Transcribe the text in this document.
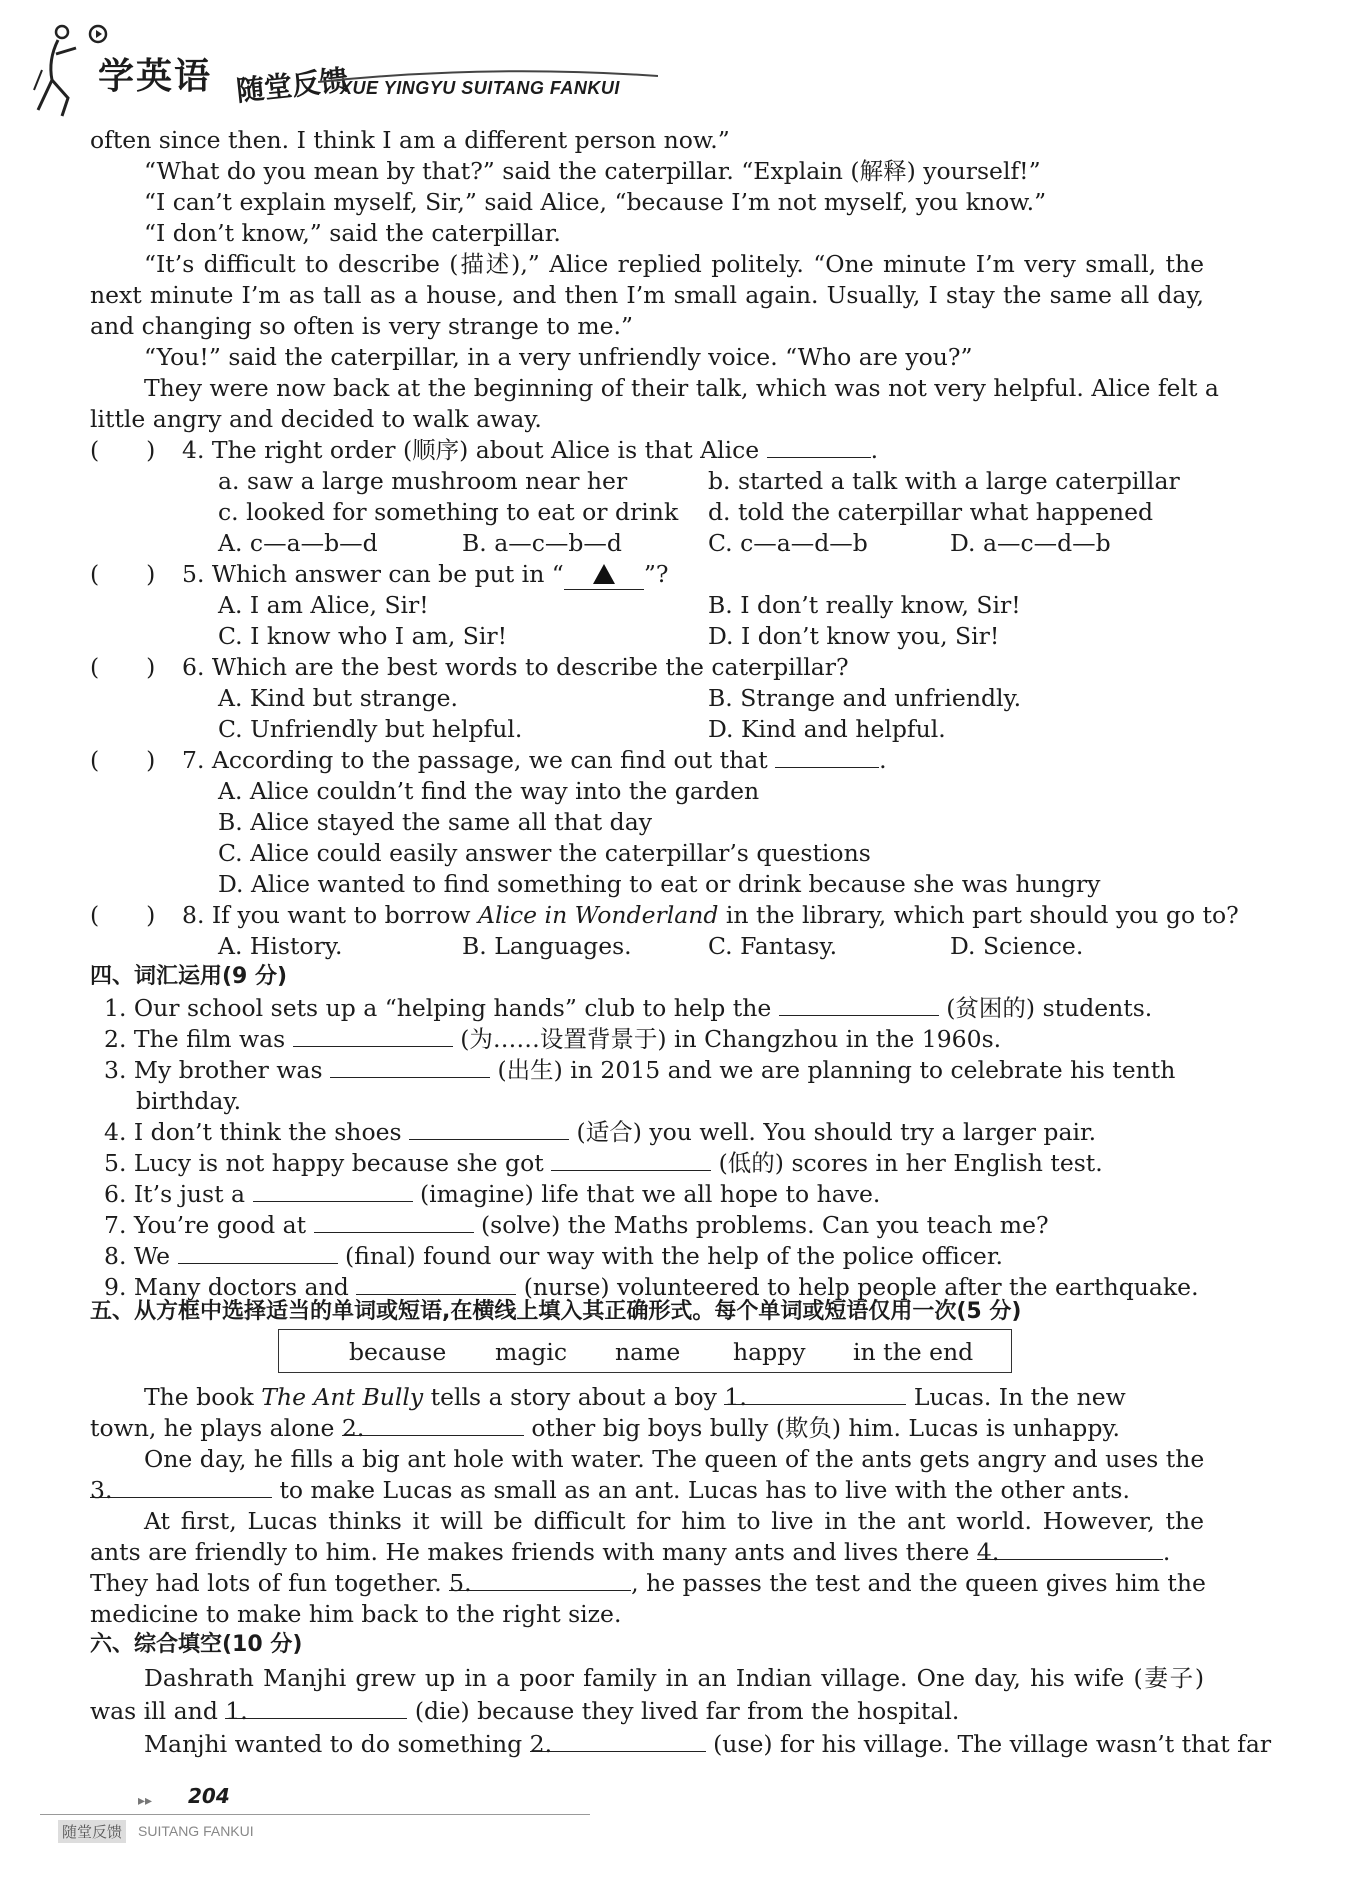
学英语 随堂反馈
XUE YINGYU SUITANG FANKUI
often since then. I think I am a different person now.”
“What do you mean by that?” said the caterpillar. “Explain (解释) yourself!”
“I can’t explain myself, Sir,” said Alice, “because I’m not myself, you know.”
“I don’t know,” said the caterpillar.
“It’s difficult to describe (描述),” Alice replied politely. “One minute I’m very small, the
next minute I’m as tall as a house, and then I’m small again. Usually, I stay the same all day,
and changing so often is very strange to me.”
“You!” said the caterpillar, in a very unfriendly voice. “Who are you?”
They were now back at the beginning of their talk, which was not very helpful. Alice felt a
little angry and decided to walk away.
(　　) 4. The right order (顺序) about Alice is that Alice	.
a. saw a large mushroom near her	b. started a talk with a large caterpillar
c. looked for something to eat or drink d. told the caterpillar what happened
A. c—a—b—d	B. a—c—b—d	C. c—a—d—b	D. a—c—d—b
(　　) 5. Which answer can be put in “	”?
A. I am Alice, Sir!	B. I don’t really know, Sir!
C. I know who I am, Sir!	D. I don’t know you, Sir!
(　　) 6. Which are the best words to describe the caterpillar?
A. Kind but strange.	B. Strange and unfriendly.
C. Unfriendly but helpful.	D. Kind and helpful.
(　　) 7. According to the passage, we can find out that	.
A. Alice couldn’t find the way into the garden
B. Alice stayed the same all that day
C. Alice could easily answer the caterpillar’s questions
D. Alice wanted to find something to eat or drink because she was hungry
(　　) 8. If you want to borrow Alice in Wonderland in the library, which part should you go to?
A. History.	B. Languages.	C. Fantasy.	D. Science.
四、词汇运用(9 分)
1. Our school sets up a “helping hands” club to help the	(贫困的) students.
2. The film was	(为……设置背景于) in Changzhou in the 1960s.
3. My brother was	(出生) in 2015 and we are planning to celebrate his tenth
birthday.
4. I don’t think the shoes	(适合) you well. You should try a larger pair.
5. Lucy is not happy because she got	(低的) scores in her English test.
6. It’s just a	(imagine) life that we all hope to have.
7. You’re good at	(solve) the Maths problems. Can you teach me?
8. We	(final) found our way with the help of the police officer.
9. Many doctors and	(nurse) volunteered to help people after the earthquake.
五、从方框中选择适当的单词或短语,在横线上填入其正确形式。每个单词或短语仅用一次(5 分)
because magic name happy in the end
The book The Ant Bully tells a story about a boy 1.	Lucas. In the new
town, he plays alone 2.	other big boys bully (欺负) him. Lucas is unhappy.
One day, he fills a big ant hole with water. The queen of the ants gets angry and uses the
3.	to make Lucas as small as an ant. Lucas has to live with the other ants.
At first, Lucas thinks it will be difficult for him to live in the ant world. However, the
ants are friendly to him. He makes friends with many ants and lives there 4.	.
They had lots of fun together. 5.	, he passes the test and the queen gives him the
medicine to make him back to the right size.
六、综合填空(10 分)
Dashrath Manjhi grew up in a poor family in an Indian village. One day, his wife (妻子)
was ill and 1.	(die) because they lived far from the hospital.
Manjhi wanted to do something 2.	(use) for his village. The village wasn’t that far
▸▸ 204
随堂反馈 SUITANG FANKUI
